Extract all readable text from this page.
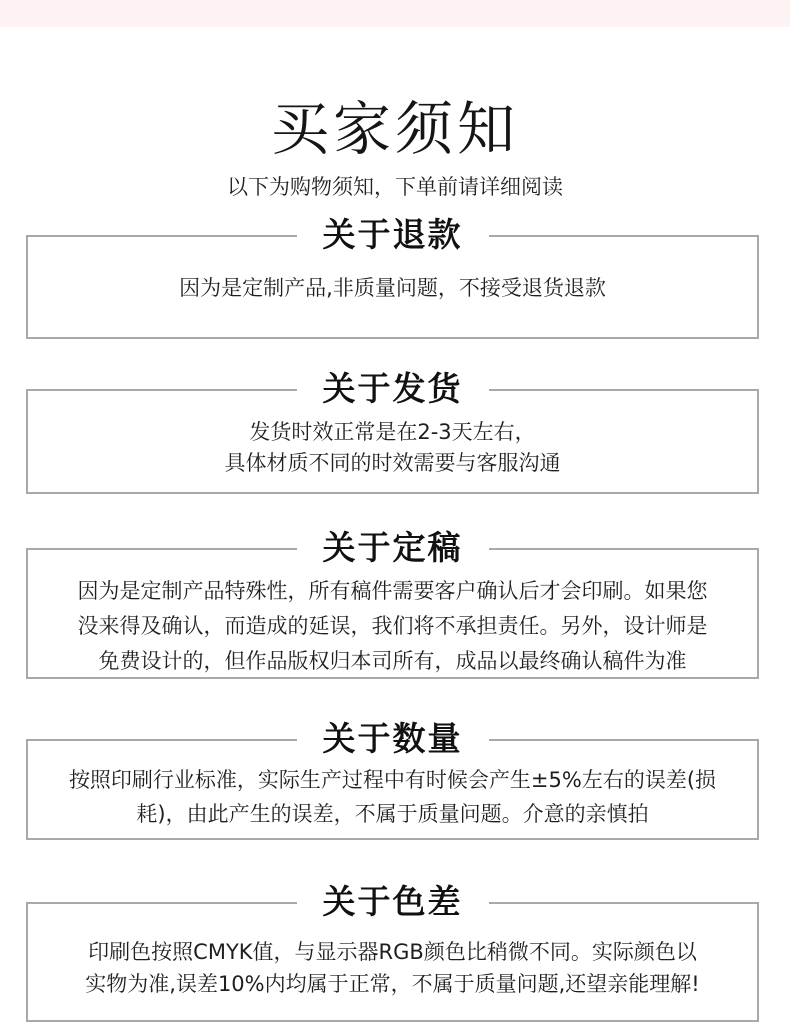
买家须知

以下为购物须知，下单前请详细阅读

关于退款

因为是定制产品,非质量问题，不接受退货退款

关于发货

发货时效正常是在2-3天左右，

具体材质不同的时效需要与客服沟通

关于定稿

因为是定制产品特殊性，所有稿件需要客户确认后才会印刷。如果您

没来得及确认，而造成的延误，我们将不承担责任。另外，设计师是

免费设计的，但作品版权归本司所有，成品以最终确认稿件为准

关于数量

按照印刷行业标准，实际生产过程中有时候会产生±5%左右的误差(损

耗)，由此产生的误差，不属于质量问题。介意的亲慎拍

关于色差

印刷色按照CMYK值，与显示器RGB颜色比稍微不同。实际颜色以

实物为准,误差10%内均属于正常，不属于质量问题,还望亲能理解!
